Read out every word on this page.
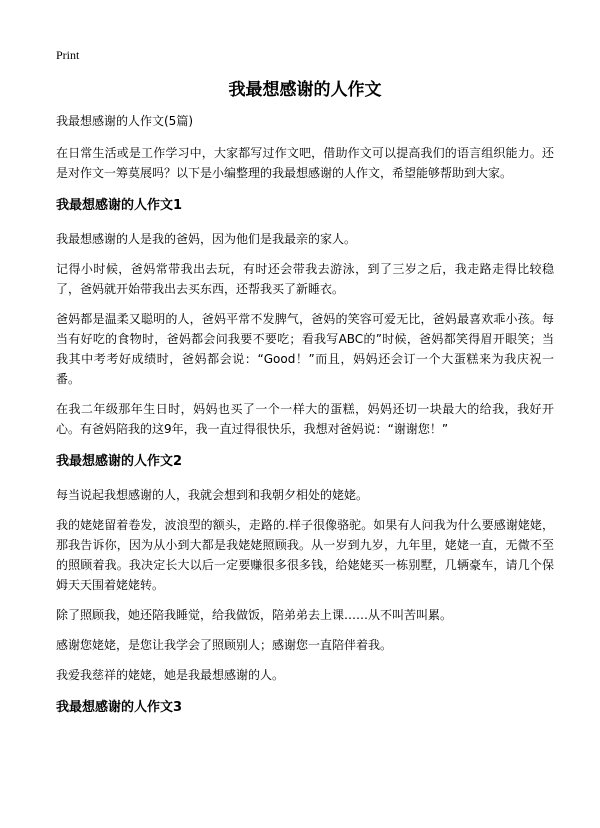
Print
我最想感谢的人作文
我最想感谢的人作文(5篇)

在日常生活或是工作学习中，大家都写过作文吧，借助作文可以提高我们的语言组织能力。还是对作文一筹莫展吗？以下是小编整理的我最想感谢的人作文，希望能够帮助到大家。

我最想感谢的人作文1

我最想感谢的人是我的爸妈，因为他们是我最亲的家人。

记得小时候，爸妈常带我出去玩，有时还会带我去游泳，到了三岁之后，我走路走得比较稳了，爸妈就开始带我出去买东西，还帮我买了新睡衣。

爸妈都是温柔又聪明的人，爸妈平常不发脾气，爸妈的笑容可爱无比，爸妈最喜欢乖小孩。每当有好吃的食物时，爸妈都会问我要不要吃；看我写ABC的”时候，爸妈都笑得眉开眼笑；当我其中考考好成绩时，爸妈都会说：“Good！”而且，妈妈还会订一个大蛋糕来为我庆祝一番。

在我二年级那年生日时，妈妈也买了一个一样大的蛋糕，妈妈还切一块最大的给我，我好开心。有爸妈陪我的这9年，我一直过得很快乐，我想对爸妈说：“谢谢您！”

我最想感谢的人作文2

每当说起我想感谢的人，我就会想到和我朝夕相处的姥姥。

我的姥姥留着卷发，波浪型的额头，走路的.样子很像骆驼。如果有人问我为什么要感谢姥姥，那我告诉你，因为从小到大都是我姥姥照顾我。从一岁到九岁，九年里，姥姥一直，无微不至的照顾着我。我决定长大以后一定要赚很多很多钱，给姥姥买一栋别墅，几辆豪车，请几个保姆天天围着姥姥转。

除了照顾我，她还陪我睡觉，给我做饭，陪弟弟去上课……从不叫苦叫累。

感谢您姥姥，是您让我学会了照顾别人；感谢您一直陪伴着我。

我爱我慈祥的姥姥，她是我最想感谢的人。

我最想感谢的人作文3
